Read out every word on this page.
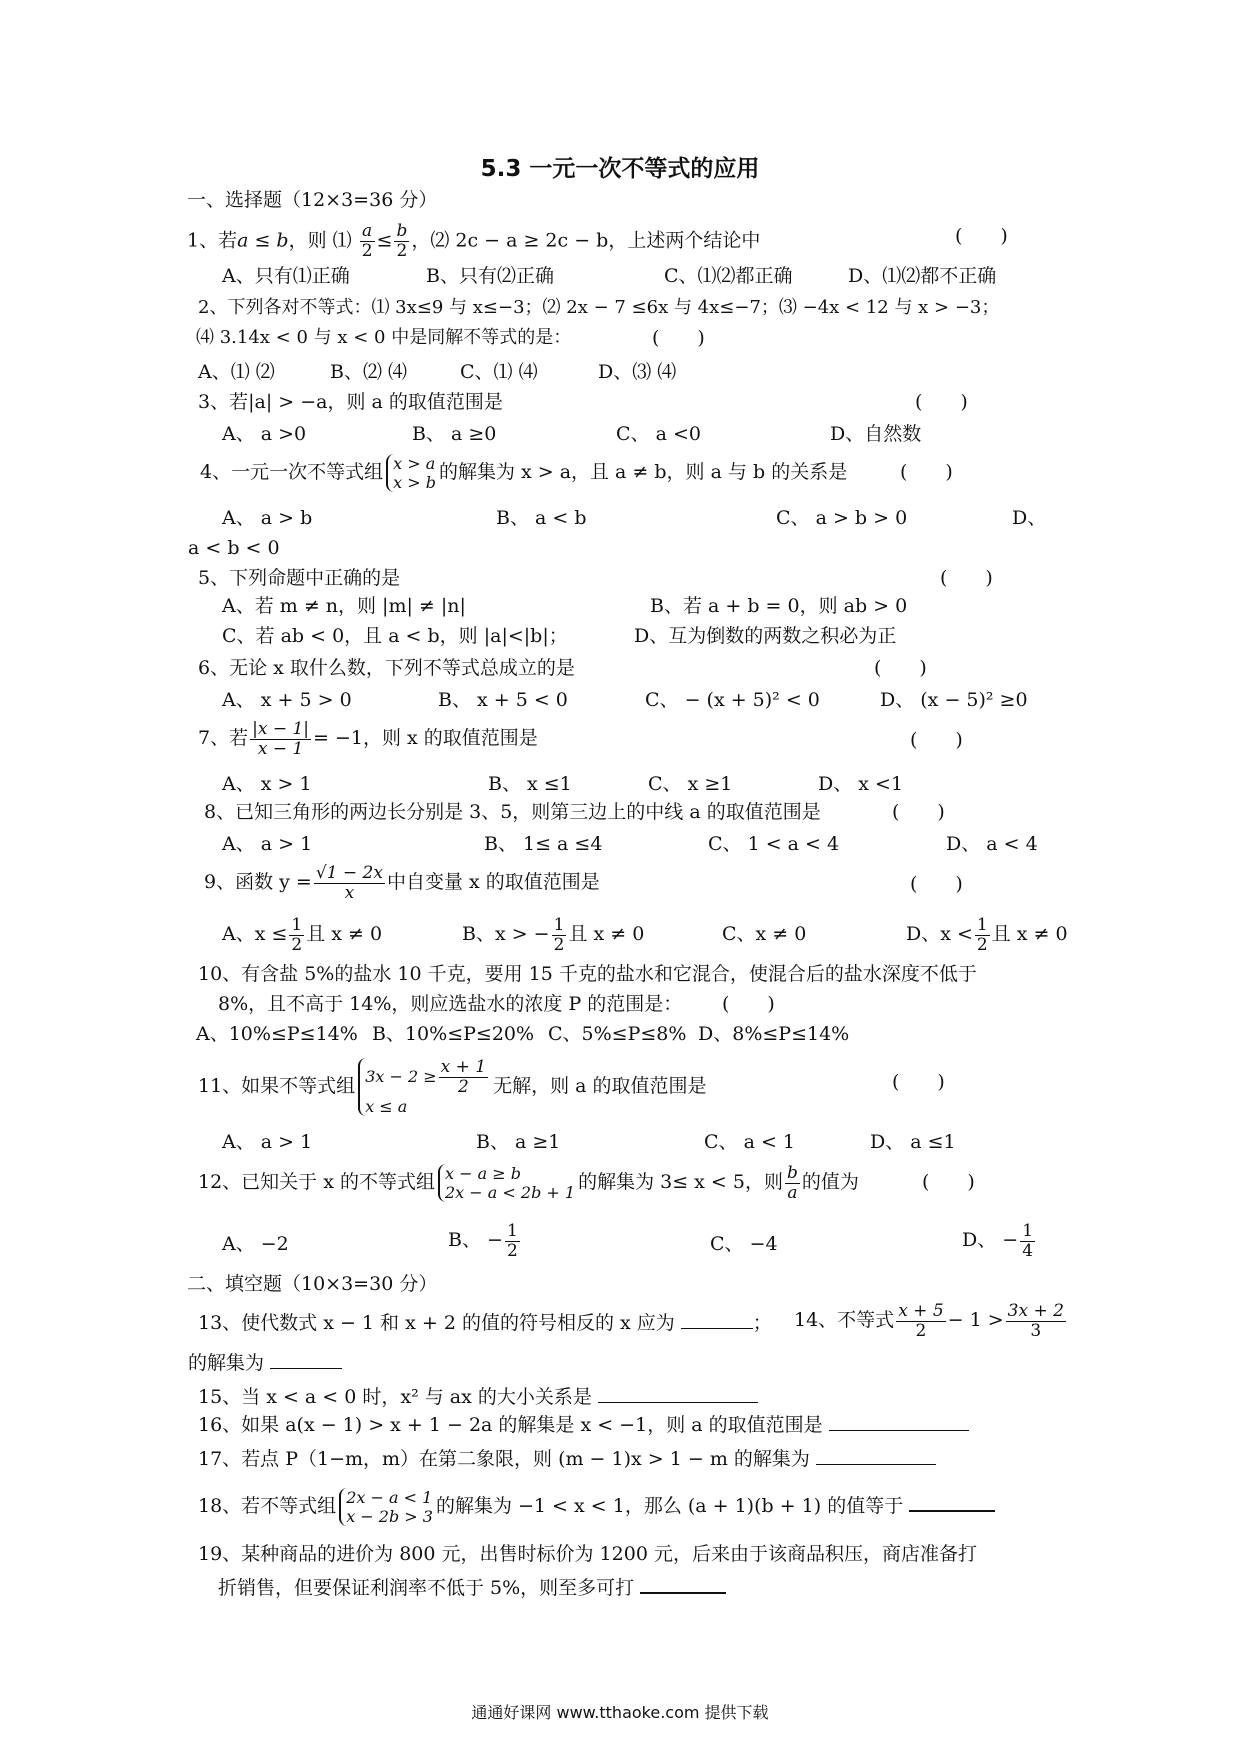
5.3 一元一次不等式的应用
一、选择题（12×3=36 分）
1、若a ≤ b，则 ⑴ $\frac{a}{2} \le \frac{b}{2}$ ，⑵ 2c − a ≥ 2c − b，上述两个结论中	(　　)
A、只有⑴正确	B、只有⑵正确	C、⑴⑵都正确	D、⑴⑵都不正确
2、下列各对不等式：⑴ 3x≤9 与 x≤−3；⑵ 2x − 7 ≤6x 与 4x≤−7；⑶ −4x < 12 与 x > −3；
⑷ 3.14x < 0 与 x < 0 中是同解不等式的是：	(　　)
A、⑴ ⑵	B、⑵ ⑷	C、⑴ ⑷	D、⑶ ⑷
3、若|a| > −a，则 a 的取值范围是	(　　)
A、 a >0	B、 a ≥0	C、 a <0	D、自然数
4、一元一次不等式组 x > a
x > b 的解集为 x > a，且 a ≠ b，则 a 与 b 的关系是	(　　)
A、 a > b	B、 a < b	C、 a > b > 0	D、
a < b < 0
5、下列命题中正确的是	(　　)
A、若 m ≠ n，则 |m| ≠ |n|	B、若 a + b = 0，则 ab > 0
C、若 ab < 0，且 a < b，则 |a|<|b|；	D、互为倒数的两数之积必为正
6、无论 x 取什么数，下列不等式总成立的是	(　　)
A、 x + 5 > 0	B、 x + 5 < 0	C、 − (x + 5)² < 0	D、 (x − 5)² ≥0
7、若 $\frac{|x - 1|}{x - 1} = -1$，则 x 的取值范围是	(　　)
A、 x > 1	B、 x ≤1	C、 x ≥1	D、 x <1
8、已知三角形的两边长分别是 3、5，则第三边上的中线 a 的取值范围是	(　　)
A、 a > 1	B、 1≤ a ≤4	C、 1 < a < 4	D、 a < 4
9、函数 $y = \frac{√1 - 2x}{x}$ 中自变量 x 的取值范围是	(　　)
A、$x \le \frac{1}{2}$ 且 x ≠ 0	B、x > − $\frac{1}{2}$ 且 x ≠ 0	C、x ≠ 0	D、$x < \frac{1}{2}$ 且 x ≠ 0
10、有含盐 5%的盐水 10 千克，要用 15 千克的盐水和它混合，使混合后的盐水深度不低于
8%，且不高于 14%，则应选盐水的浓度 P 的范围是： (　　)
A、10%≤P≤14% B、10%≤P≤20% C、5%≤P≤8% D、8%≤P≤14%
11、如果不等式组 $3x - 2 \ge \frac{x + 1}{2}$
x ≤ a
无解，则 a 的取值范围是	(　　)
A、 a > 1	B、 a ≥1	C、 a < 1	D、 a ≤1
12、已知关于 x 的不等式组 x − a ≥ b
2x − a < 2b + 1 的解集为 3≤ x < 5，则 $\frac{b}{a}$ 的值为	(　　)
A、 −2	B、 − $\frac{1}{2}$	C、 −4	D、 − $\frac{1}{4}$
二、填空题（10×3=30 分）
13、使代数式 x − 1 和 x + 2 的值的符号相反的 x 应为	； 14、不等式 $\frac{x + 5}{2} - 1 > \frac{3x + 2}{3}$
的解集为
15、当 x < a < 0 时，x² 与 ax 的大小关系是
16、如果 a(x − 1) > x + 1 − 2a 的解集是 x < −1，则 a 的取值范围是
17、若点 P（1−m，m）在第二象限，则 (m − 1)x > 1 − m 的解集为
18、若不等式组 2x − a < 1
x − 2b > 3 的解集为 −1 < x < 1，那么 (a + 1)(b + 1) 的值等于
19、某种商品的进价为 800 元，出售时标价为 1200 元，后来由于该商品积压，商店准备打
折销售，但要保证利润率不低于 5%，则至多可打
通通好课网 www.tthaoke.com 提供下载
